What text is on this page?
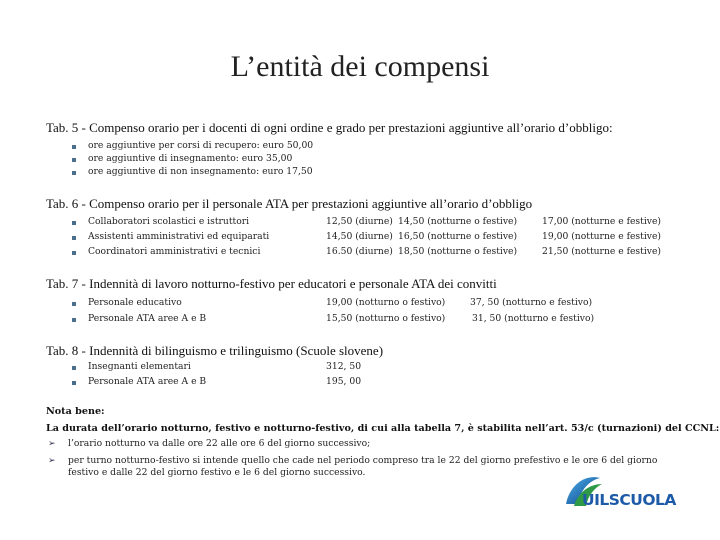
L’entità dei compensi
Tab. 5 - Compenso orario per i docenti di ogni ordine e grado per prestazioni aggiuntive all’orario d’obbligo:
ore aggiuntive per corsi di recupero: euro 50,00
ore aggiuntive di insegnamento: euro 35,00
ore aggiuntive di non insegnamento: euro 17,50
Tab. 6 - Compenso orario per il personale ATA per prestazioni aggiuntive all’orario d’obbligo
Collaboratori scolastici e istruttori	12,50 (diurne) 14,50 (notturne o festive)	17,00 (notturne e festive)
Assistenti amministrativi ed equiparati	14,50 (diurne) 16,50 (notturne o festive)	19,00 (notturne e festive)
Coordinatori amministrativi e tecnici	16.50 (diurne) 18,50 (notturne o festive)	21,50 (notturne e festive)
Tab. 7 - Indennità di lavoro notturno-festivo per educatori e personale ATA dei convitti
Personale educativo	19,00 (notturno o festivo)	37, 50 (notturno e festivo)
Personale ATA aree A e B	15,50 (notturno o festivo)	31, 50 (notturno e festivo)
Tab. 8 - Indennità di bilinguismo e trilinguismo (Scuole slovene)
Insegnanti elementari	312, 50
Personale ATA aree A e B	195, 00
Nota bene:
La durata dell’orario notturno, festivo e notturno-festivo, di cui alla tabella 7, è stabilita nell’art. 53/c (turnazioni) del CCNL:
➢ l’orario notturno va dalle ore 22 alle ore 6 del giorno successivo;
➢ per turno notturno-festivo si intende quello che cade nel periodo compreso tra le 22 del giorno prefestivo e le ore 6 del giorno festivo e dalle 22 del giorno festivo e le 6 del giorno successivo.
UILSCUOLA
